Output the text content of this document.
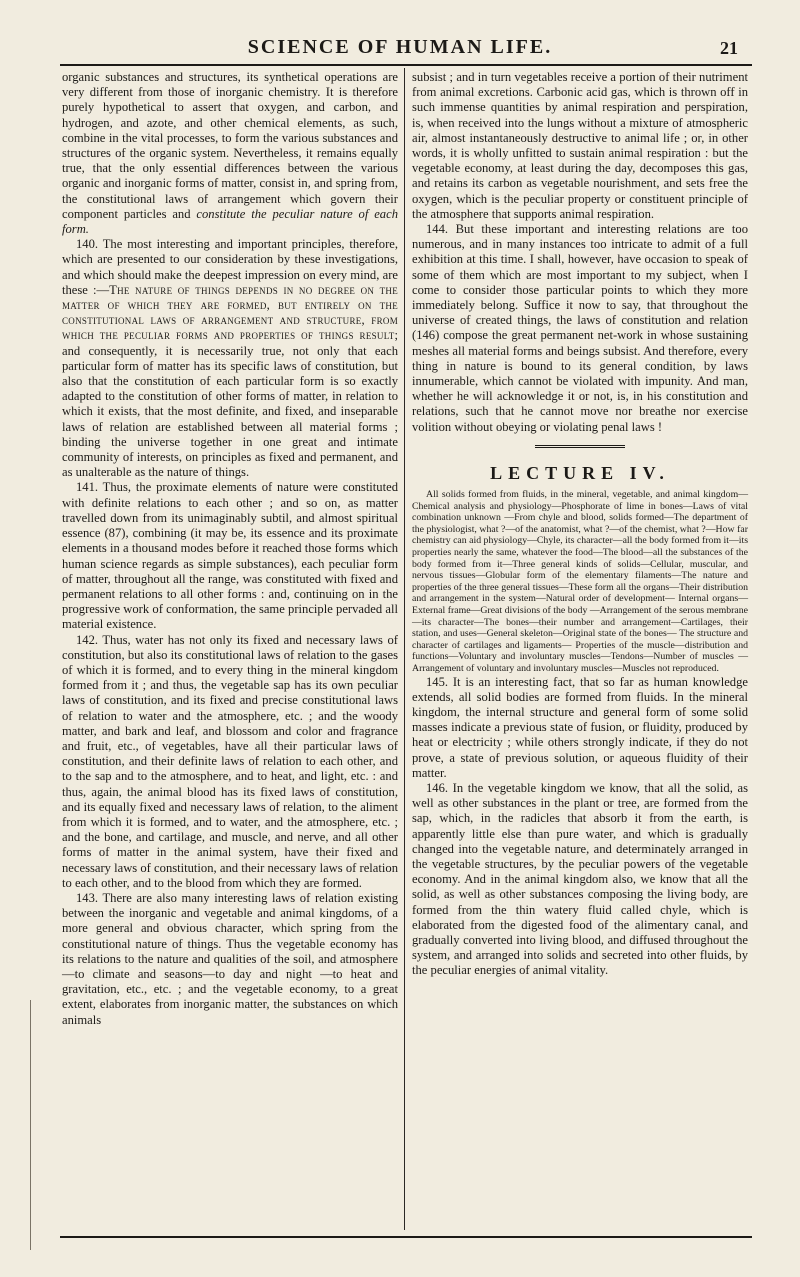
SCIENCE OF HUMAN LIFE.	21

organic substances and structures, its synthetical operations are very different from those of inorganic chemistry. It is therefore purely hypothetical to assert that oxygen, and carbon, and hydrogen, and azote, and other chemical elements, as such, combine in the vital processes, to form the various substances and structures of the organic system. Nevertheless, it remains equally true, that the only essential differences between the various organic and inorganic forms of matter, consist in, and spring from, the constitutional laws of arrangement which govern their component particles and constitute the peculiar nature of each form.

140. The most interesting and important principles, therefore, which are presented to our consideration by these investigations, and which should make the deepest impression on every mind, are these :—The nature of things depends in no degree on the matter of which they are formed, but entirely on the constitutional laws of arrangement and structure, from which the peculiar forms and properties of things result; and consequently, it is necessarily true, not only that each particular form of matter has its specific laws of constitution, but also that the constitution of each particular form is so exactly adapted to the constitution of other forms of matter, in relation to which it exists, that the most definite, and fixed, and inseparable laws of relation are established between all material forms ; binding the universe together in one great and intimate community of interests, on principles as fixed and permanent, and as unalterable as the nature of things.

141. Thus, the proximate elements of nature were constituted with definite relations to each other ; and so on, as matter travelled down from its unimaginably subtil, and almost spiritual essence (87), combining (it may be, its essence and its proximate elements in a thousand modes before it reached those forms which human science regards as simple substances), each peculiar form of matter, throughout all the range, was constituted with fixed and permanent relations to all other forms : and, continuing on in the progressive work of conformation, the same principle pervaded all material existence.

142. Thus, water has not only its fixed and necessary laws of constitution, but also its constitutional laws of relation to the gases of which it is formed, and to every thing in the mineral kingdom formed from it ; and thus, the vegetable sap has its own peculiar laws of constitution, and its fixed and precise constitutional laws of relation to water and the atmosphere, etc. ; and the woody matter, and bark and leaf, and blossom and color and fragrance and fruit, etc., of vegetables, have all their particular laws of constitution, and their definite laws of relation to each other, and to the sap and to the atmosphere, and to heat, and light, etc. : and thus, again, the animal blood has its fixed laws of constitution, and its equally fixed and necessary laws of relation, to the aliment from which it is formed, and to water, and the atmosphere, etc. ; and the bone, and cartilage, and muscle, and nerve, and all other forms of matter in the animal system, have their fixed and necessary laws of constitution, and their necessary laws of relation to each other, and to the blood from which they are formed.

143. There are also many interesting laws of relation existing between the inorganic and vegetable and animal kingdoms, of a more general and obvious character, which spring from the constitutional nature of things. Thus the vegetable economy has its relations to the nature and qualities of the soil, and atmosphere—to climate and seasons—to day and night —to heat and gravitation, etc., etc. ; and the vegetable economy, to a great extent, elaborates from inorganic matter, the substances on which animals

subsist ; and in turn vegetables receive a portion of their nutriment from animal excretions. Carbonic acid gas, which is thrown off in such immense quantities by animal respiration and perspiration, is, when received into the lungs without a mixture of atmospheric air, almost instantaneously destructive to animal life ; or, in other words, it is wholly unfitted to sustain animal respiration : but the vegetable economy, at least during the day, decomposes this gas, and retains its carbon as vegetable nourishment, and sets free the oxygen, which is the peculiar property or constituent principle of the atmosphere that supports animal respiration.

144. But these important and interesting relations are too numerous, and in many instances too intricate to admit of a full exhibition at this time. I shall, however, have occasion to speak of some of them which are most important to my subject, when I come to consider those particular points to which they more immediately belong. Suffice it now to say, that throughout the universe of created things, the laws of constitution and relation (146) compose the great permanent net-work in whose sustaining meshes all material forms and beings subsist. And therefore, every thing in nature is bound to its general condition, by laws innumerable, which cannot be violated with impunity. And man, whether he will acknowledge it or not, is, in his constitution and relations, such that he cannot move nor breathe nor exercise volition without obeying or violating penal laws !

LECTURE IV.

All solids formed from fluids, in the mineral, vegetable, and animal kingdom—Chemical analysis and physiology—Phosphorate of lime in bones—Laws of vital combination unknown —From chyle and blood, solids formed—The department of the physiologist, what ?—of the anatomist, what ?—of the chemist, what ?—How far chemistry can aid physiology—Chyle, its character—all the body formed from it—its properties nearly the same, whatever the food—The blood—all the substances of the body formed from it—Three general kinds of solids—Cellular, muscular, and nervous tissues—Globular form of the elementary filaments—The nature and properties of the three general tissues—These form all the organs—Their distribution and arrangement in the system—Natural order of development— Internal organs—External frame—Great divisions of the body —Arrangement of the serous membrane—its character—The bones—their number and arrangement—Cartilages, their station, and uses—General skeleton—Original state of the bones— The structure and character of cartilages and ligaments— Properties of the muscle—distribution and functions—Voluntary and involuntary muscles—Tendons—Number of muscles —Arrangement of voluntary and involuntary muscles—Muscles not reproduced.

145. It is an interesting fact, that so far as human knowledge extends, all solid bodies are formed from fluids. In the mineral kingdom, the internal structure and general form of some solid masses indicate a previous state of fusion, or fluidity, produced by heat or electricity ; while others strongly indicate, if they do not prove, a state of previous solution, or aqueous fluidity of their matter.

146. In the vegetable kingdom we know, that all the solid, as well as other substances in the plant or tree, are formed from the sap, which, in the radicles that absorb it from the earth, is apparently little else than pure water, and which is gradually changed into the vegetable nature, and determinately arranged in the vegetable structures, by the peculiar powers of the vegetable economy. And in the animal kingdom also, we know that all the solid, as well as other substances composing the living body, are formed from the thin watery fluid called chyle, which is elaborated from the digested food of the alimentary canal, and gradually converted into living blood, and diffused throughout the system, and arranged into solids and secreted into other fluids, by the peculiar energies of animal vitality.
